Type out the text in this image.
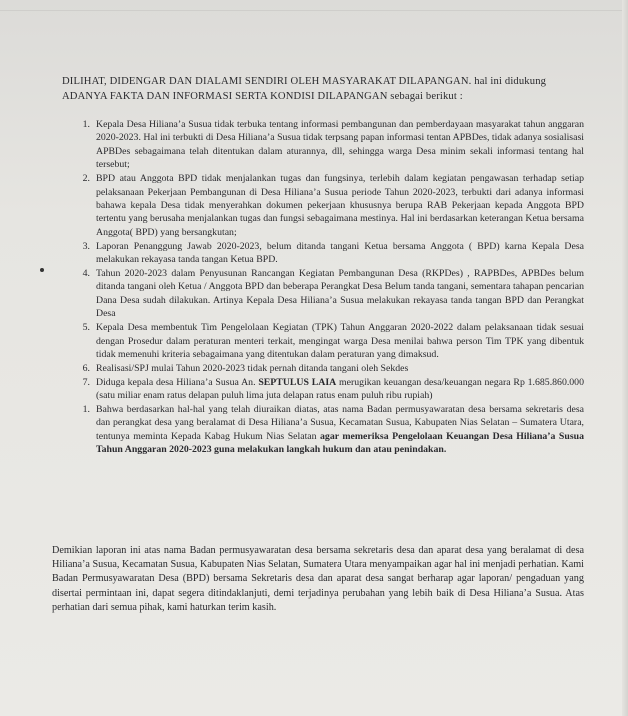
DILIHAT, DIDENGAR DAN DIALAMI SENDIRI OLEH MASYARAKAT DILAPANGAN. hal ini didukung ADANYA FAKTA DAN INFORMASI SERTA KONDISI DILAPANGAN sebagai berikut :
1. Kepala Desa Hiliana’a Susua tidak terbuka tentang informasi pembangunan dan pemberdayaan masyarakat tahun anggaran 2020-2023. Hal ini terbukti di Desa Hiliana’a Susua tidak terpsang papan informasi tentan APBDes, tidak adanya sosialisasi APBDes sebagaimana telah ditentukan dalam aturannya, dll, sehingga warga Desa minim sekali informasi tentang hal tersebut;
2. BPD atau Anggota BPD tidak menjalankan tugas dan fungsinya, terlebih dalam kegiatan pengawasan terhadap setiap pelaksanaan Pekerjaan Pembangunan di Desa Hiliana’a Susua periode Tahun 2020-2023, terbukti dari adanya informasi bahawa kepala Desa tidak menyerahkan dokumen pekerjaan khususnya berupa RAB Pekerjaan kepada Anggota BPD tertentu yang berusaha menjalankan tugas dan fungsi sebagaimana mestinya. Hal ini berdasarkan keterangan Ketua bersama Anggota( BPD) yang bersangkutan;
3. Laporan Penanggung Jawab 2020-2023, belum ditanda tangani Ketua bersama Anggota ( BPD) karna Kepala Desa melakukan rekayasa tanda tangan Ketua BPD.
4. Tahun 2020-2023 dalam Penyusunan Rancangan Kegiatan Pembangunan Desa (RKPDes) , RAPBDes, APBDes belum ditanda tangani oleh Ketua / Anggota BPD dan beberapa Perangkat Desa Belum tanda tangani, sementara tahapan pencarian Dana Desa sudah dilakukan. Artinya Kepala Desa Hiliana’a Susua melakukan rekayasa tanda tangan BPD dan Perangkat Desa
5. Kepala Desa membentuk Tim Pengelolaan Kegiatan (TPK) Tahun Anggaran 2020-2022 dalam pelaksanaan tidak sesuai dengan Prosedur dalam peraturan menteri terkait, mengingat warga Desa menilai bahwa person Tim TPK yang dibentuk tidak memenuhi kriteria sebagaimana yang ditentukan dalam peraturan yang dimaksud.
6. Realisasi/SPJ mulai Tahun 2020-2023 tidak pernah ditanda tangani oleh Sekdes
7. Diduga kepala desa Hiliana’a Susua An. SEPTULUS LAIA merugikan keuangan desa/keuangan negara Rp 1.685.860.000 (satu miliar enam ratus delapan puluh lima juta delapan ratus enam puluh ribu rupiah)
1. Bahwa berdasarkan hal-hal yang telah diuraikan diatas, atas nama Badan permusyawaratan desa bersama sekretaris desa dan perangkat desa yang beralamat di Desa Hiliana’a Susua, Kecamatan Susua, Kabupaten Nias Selatan – Sumatera Utara, tentunya meminta Kepada Kabag Hukum Nias Selatan agar memeriksa Pengelolaan Keuangan Desa Hiliana’a Susua Tahun Anggaran 2020-2023 guna melakukan langkah hukum dan atau penindakan.
Demikian laporan ini atas nama Badan permusyawaratan desa bersama sekretaris desa dan aparat desa yang beralamat di desa Hiliana’a Susua, Kecamatan Susua, Kabupaten Nias Selatan, Sumatera Utara menyampaikan agar hal ini menjadi perhatian. Kami Badan Permusyawaratan Desa (BPD) bersama Sekretaris desa dan aparat desa sangat berharap agar laporan/ pengaduan yang disertai permintaan ini, dapat segera ditindaklanjuti, demi terjadinya perubahan yang lebih baik di Desa Hiliana’a Susua. Atas perhatian dari semua pihak, kami haturkan terim kasih.
